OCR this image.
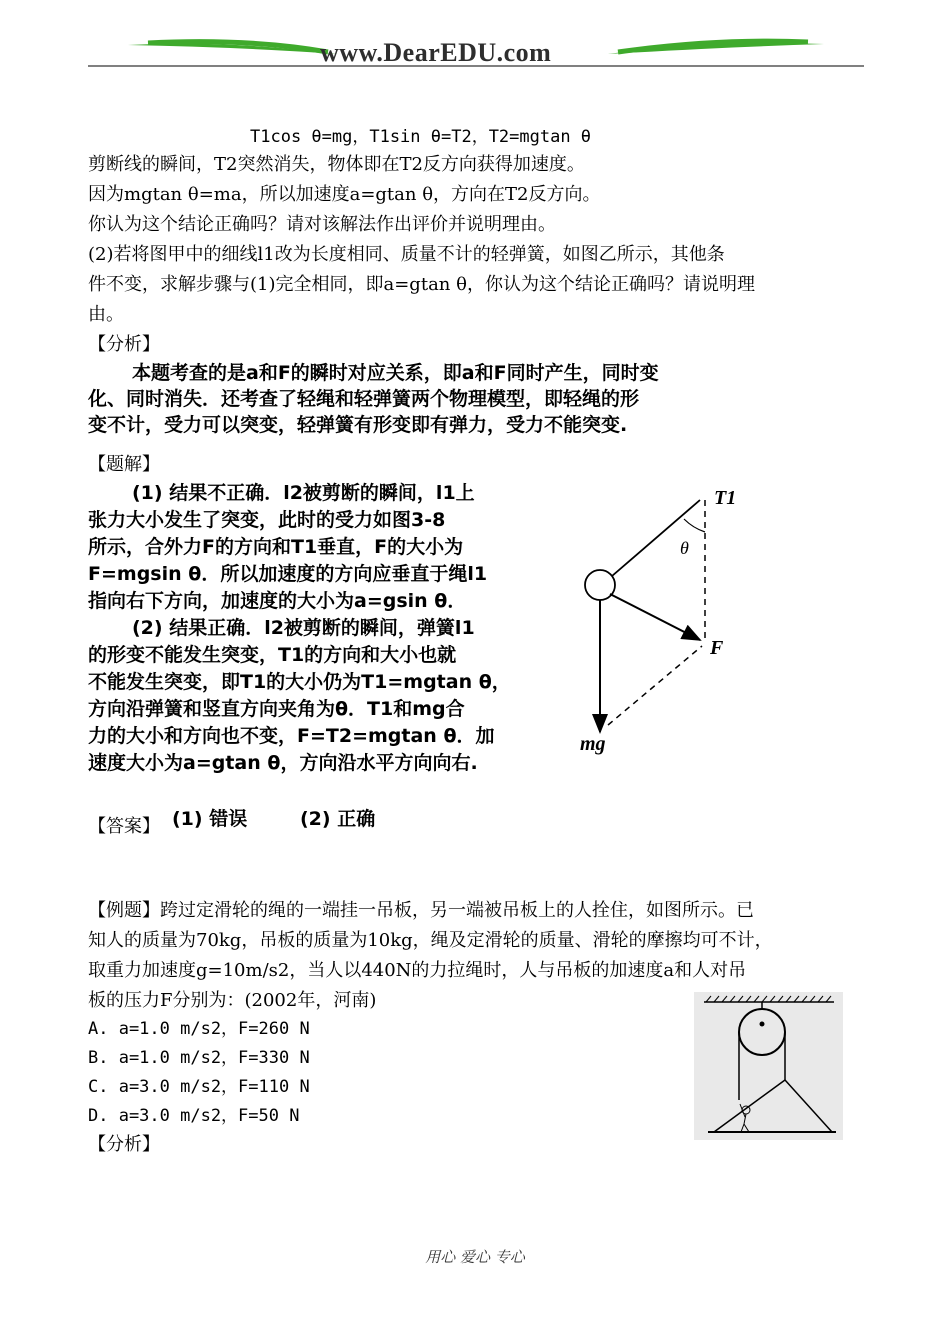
www.DearEDU.com
T1cos θ=mg，T1sin θ=T2，T2=mgtan θ
剪断线的瞬间，T2突然消失，物体即在T2反方向获得加速度。
因为mgtan θ=ma，所以加速度a=gtan θ，方向在T2反方向。
你认为这个结论正确吗？请对该解法作出评价并说明理由。
(2)若将图甲中的细线l1改为长度相同、质量不计的轻弹簧，如图乙所示，其他条
件不变，求解步骤与(1)完全相同，即a=gtan θ，你认为这个结论正确吗？请说明理
由。
【分析】
本题考查的是a和F的瞬时对应关系，即a和F同时产生，同时变
化、同时消失．还考查了轻绳和轻弹簧两个物理模型，即轻绳的形
变不计，受力可以突变，轻弹簧有形变即有弹力，受力不能突变.
【题解】
(1) 结果不正确．l2被剪断的瞬间，l1上
张力大小发生了突变，此时的受力如图3-8
所示，合外力F的方向和T1垂直，F的大小为
F=mgsin θ．所以加速度的方向应垂直于绳l1
指向右下方向，加速度的大小为a=gsin θ．
(2) 结果正确．l2被剪断的瞬间，弹簧l1
的形变不能发生突变，T1的方向和大小也就
不能发生突变，即T1的大小仍为T1=mgtan θ，
方向沿弹簧和竖直方向夹角为θ．T1和mg合
力的大小和方向也不变，F=T2=mgtan θ．加
速度大小为a=gtan θ，方向沿水平方向向右.
T1
θ
F
mg
【答案】 (1) 错误	(2) 正确
【例题】跨过定滑轮的绳的一端挂一吊板，另一端被吊板上的人拴住，如图所示。已
知人的质量为70kg，吊板的质量为10kg，绳及定滑轮的质量、滑轮的摩擦均可不计，
取重力加速度g=10m/s2，当人以440N的力拉绳时，人与吊板的加速度a和人对吊
板的压力F分别为：(2002年，河南)
A. a=1.0 m/s2，F=260 N
B. a=1.0 m/s2，F=330 N
C. a=3.0 m/s2，F=110 N
D. a=3.0 m/s2，F=50 N
【分析】
用心 爱心 专心
